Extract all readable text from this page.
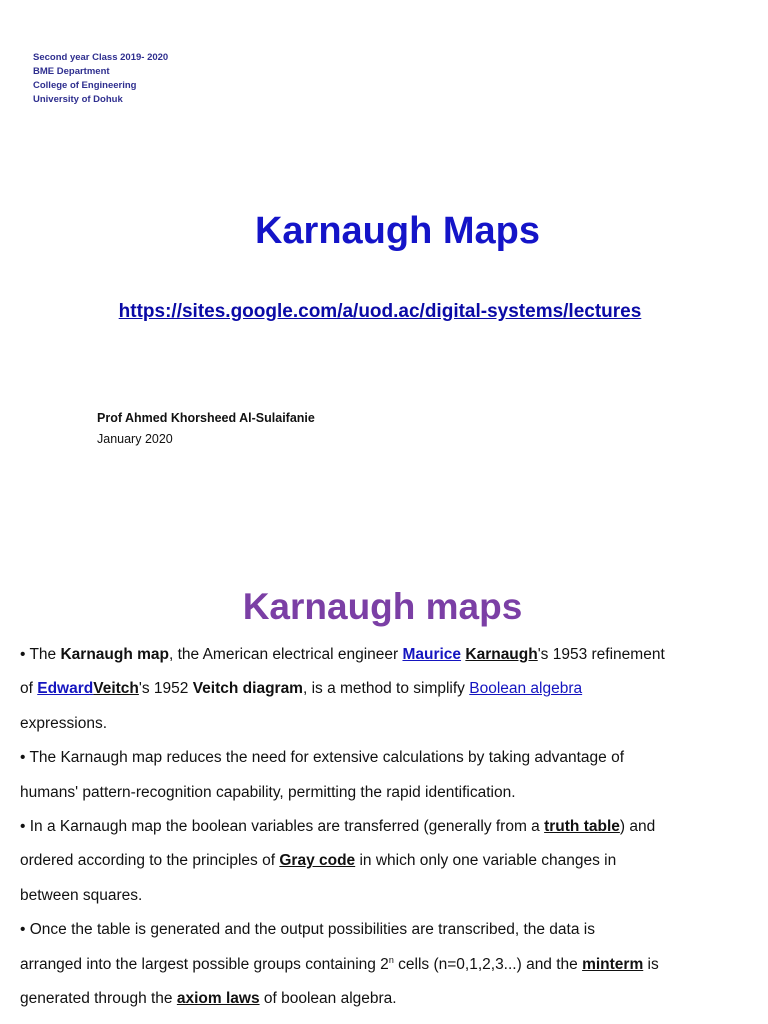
Second year Class 2019- 2020
BME Department
College of Engineering
University of Dohuk
Karnaugh Maps
https://sites.google.com/a/uod.ac/digital-systems/lectures
Prof Ahmed Khorsheed Al-Sulaifanie
January 2020
Karnaugh maps
• The Karnaugh map, the American electrical engineer Maurice Karnaugh's 1953 refinement
of EdwardVeitch's 1952 Veitch diagram, is a method to simplify Boolean algebra
expressions.
• The Karnaugh map reduces the need for extensive calculations by taking advantage of
humans' pattern-recognition capability, permitting the rapid identification.
• In a Karnaugh map the boolean variables are transferred (generally from a truth table) and
ordered according to the principles of Gray code in which only one variable changes in
between squares.
• Once the table is generated and the output possibilities are transcribed, the data is
arranged into the largest possible groups containing 2$^n$ cells (n=0,1,2,3...) and the minterm is
generated through the axiom laws of boolean algebra.
